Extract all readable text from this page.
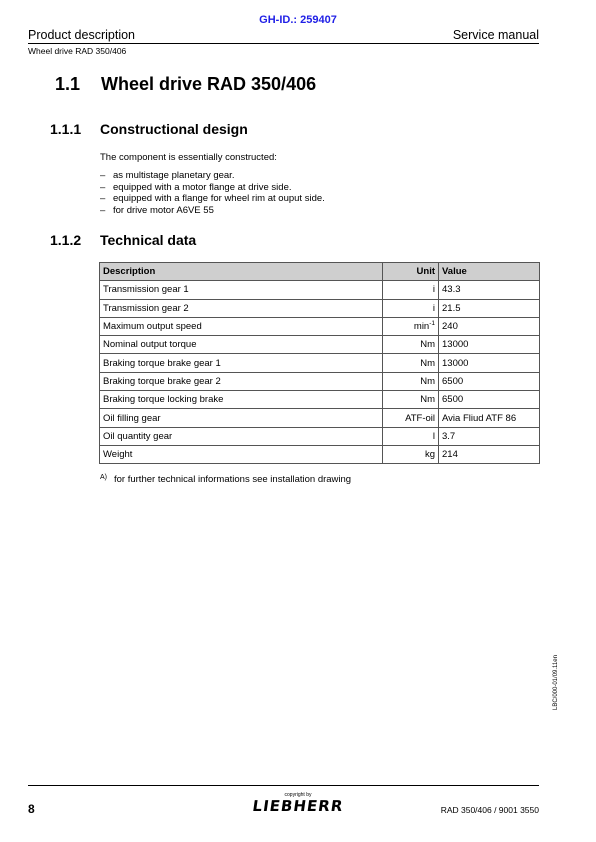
GH-ID.: 259407
Product description	Service manual
Wheel drive RAD 350/406
1.1 Wheel drive RAD 350/406
1.1.1 Constructional design
The component is essentially constructed:
– as multistage planetary gear.
– equipped with a motor flange at drive side.
– equipped with a flange for wheel rim at ouput side.
– for drive motor A6VE 55
1.1.2 Technical data
Description	Unit	Value
Transmission gear 1	i	43.3
Transmission gear 2	i	21.5
Maximum output speed	$\min^{-1}$	240
Nominal output torque	Nm	13000
Braking torque brake gear 1	Nm	13000
Braking torque brake gear 2	Nm	6500
Braking torque locking brake	Nm	6500
Oil filling gear	ATF-oil	Avia Fliud ATF 86
Oil quantity gear	l	3.7
Weight	kg	214
A) for further technical informations see installation drawing
LBC/000-01/09.11en
8
copyright by
LIEBHERR	RAD 350/406 / 9001 3550
